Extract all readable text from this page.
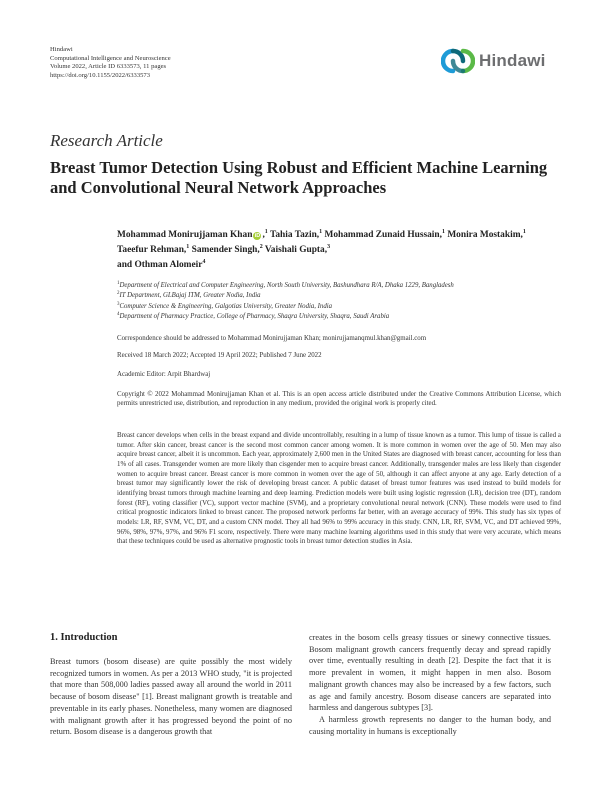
Hindawi
Computational Intelligence and Neuroscience
Volume 2022, Article ID 6333573, 11 pages
https://doi.org/10.1155/2022/6333573
Hindawi
Research Article
Breast Tumor Detection Using Robust and Efficient Machine Learning and Convolutional Neural Network Approaches
Mohammad Monirujjaman Khan iD ,$^1$ Tahia Tazin,$^1$ Mohammad Zunaid Hussain,$^1$ Monira Mostakim,$^1$ Taeefur Rehman,$^1$ Samender Singh,$^2$ Vaishali Gupta,$^3$
and Othman Alomeir$^4$
$^1$Department of Electrical and Computer Engineering, North South University, Bashundhara R/A, Dhaka 1229, Bangladesh
$^2$IT Department, GLBajaj ITM, Greater Nodia, India
$^3$Computer Science & Engineering, Galgotias University, Greater Nodia, India
$^4$Department of Pharmacy Practice, College of Pharmacy, Shaqra University, Shaqra, Saudi Arabia
Correspondence should be addressed to Mohammad Monirujjaman Khan; monirujjamanqmul.khan@gmail.com
Received 18 March 2022; Accepted 19 April 2022; Published 7 June 2022
Academic Editor: Arpit Bhardwaj
Copyright © 2022 Mohammad Monirujjaman Khan et al. This is an open access article distributed under the Creative Commons Attribution License, which permits unrestricted use, distribution, and reproduction in any medium, provided the original work is properly cited.
Breast cancer develops when cells in the breast expand and divide uncontrollably, resulting in a lump of tissue known as a tumor. This lump of tissue is called a tumor. After skin cancer, breast cancer is the second most common cancer among women. It is more common in women over the age of 50. Men may also acquire breast cancer, albeit it is uncommon. Each year, approximately 2,600 men in the United States are diagnosed with breast cancer, accounting for less than 1% of all cases. Transgender women are more likely than cisgender men to acquire breast cancer. Additionally, transgender males are less likely than cisgender women to acquire breast cancer. Breast cancer is more common in women over the age of 50, although it can affect anyone at any age. Early detection of a breast tumor may significantly lower the risk of developing breast cancer. A public dataset of breast tumor features was used instead to build models for identifying breast tumors through machine learning and deep learning. Prediction models were built using logistic regression (LR), decision tree (DT), random forest (RF), voting classifier (VC), support vector machine (SVM), and a proprietary convolutional neural network (CNN). These models were used to find critical prognostic indicators linked to breast cancer. The proposed network performs far better, with an average accuracy of 99%. This study has six types of models: LR, RF, SVM, VC, DT, and a custom CNN model. They all had 96% to 99% accuracy in this study. CNN, LR, RF, SVM, VC, and DT achieved 99%, 96%, 98%, 97%, 97%, and 96% F1 score, respectively. There were many machine learning algorithms used in this study that were very accurate, which means that these techniques could be used as alternative prognostic tools in breast tumor detection studies in Asia.
1. Introduction

Breast tumors (bosom disease) are quite possibly the most widely recognized tumors in women. As per a 2013 WHO study, "it is projected that more than 508,000 ladies passed away all around the world in 2011 because of bosom disease" [1]. Breast malignant growth is treatable and preventable in its early phases. Nonetheless, many women are diagnosed with malignant growth after it has progressed beyond the point of no return. Bosom disease is a dangerous growth that

creates in the bosom cells greasy tissues or sinewy connective tissues. Bosom malignant growth cancers frequently decay and spread rapidly over time, eventually resulting in death [2]. Despite the fact that it is more prevalent in women, it might happen in men also. Bosom malignant growth chances may also be increased by a few factors, such as age and family ancestry. Bosom disease cancers are separated into harmless and dangerous subtypes [3].

A harmless growth represents no danger to the human body, and causing mortality in humans is exceptionally
